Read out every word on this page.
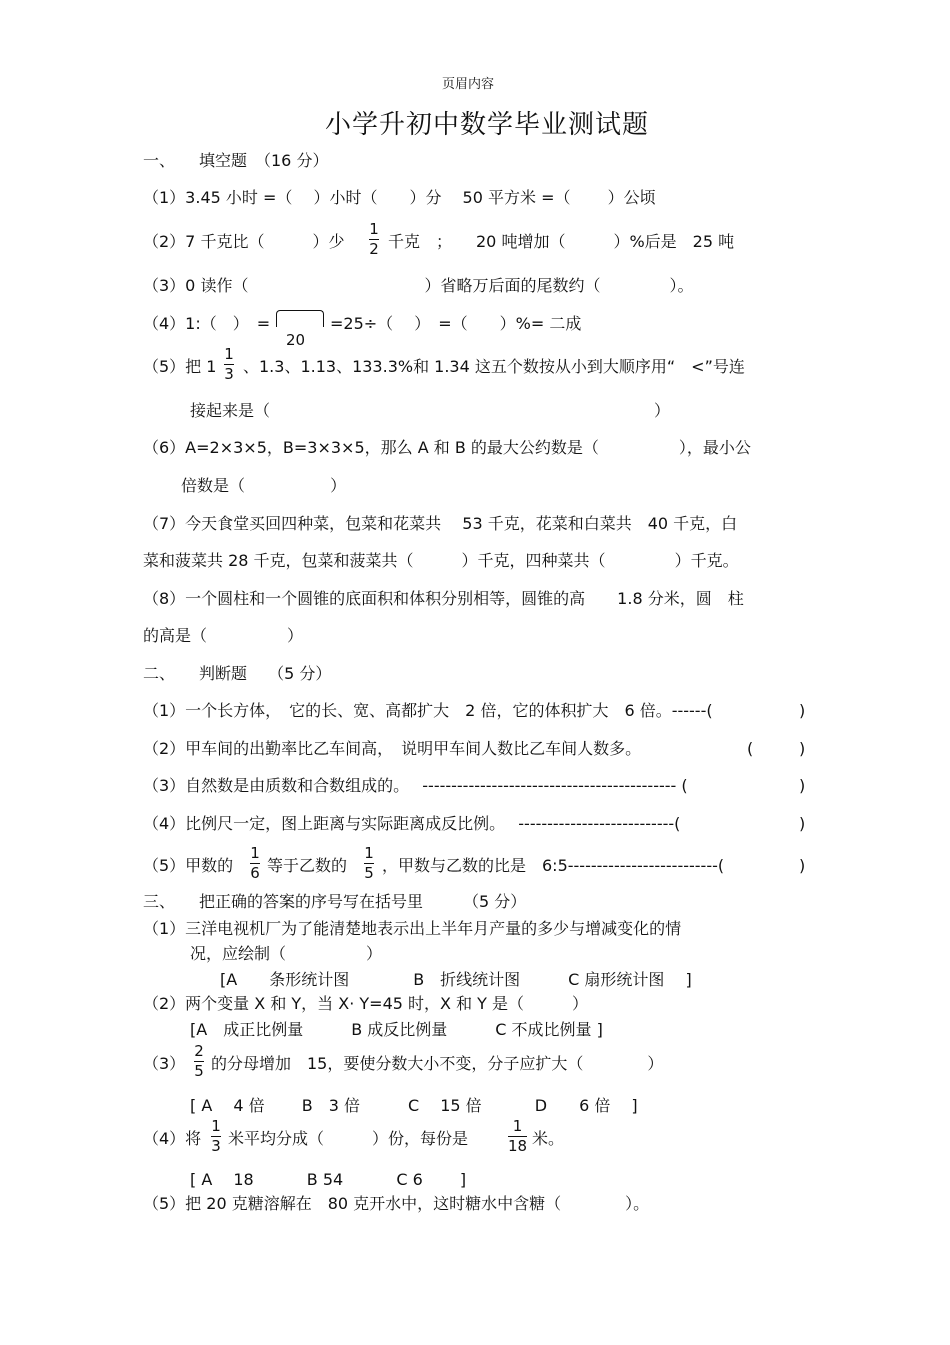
页眉内容
小学升初中数学毕业测试题
一、　　填空题　（16 分）
（1）3.45 小时 =（　 ）小时（　　）分　 50 平方米 =（　　 ）公顷
（2）7 千克比（　　　）少
1
2 千克　；　　20 吨增加（　　　）%后是　25 吨
（3）0 读作（　　　　　　　　　　　）省略万后面的尾数约（　　　　 ）。
（4）1:（　）　=
20
=25÷（　 ）　=（　　）%= 二成
（5）把 1
1
3 、1.3、1.13、133.3%和 1.34 这五个数按从小到大顺序用“　<”号连
接起来是（　　　　　　　　　　　　　　　　　　　　　　　　）
（6）A=2×3×5，B=3×3×5，那么 A 和 B 的最大公约数是（　　　　　），最小公
倍数是（　　　　　 ）
（7）今天食堂买回四种菜，包菜和花菜共　 53 千克，花菜和白菜共　40 千克，白
菜和菠菜共 28 千克，包菜和菠菜共（　　　）千克，四种菜共（　　　　 ）千克。
（8）一个圆柱和一个圆锥的底面积和体积分别相等，圆锥的高　　1.8 分米，圆　柱
的高是（　　　　　）
二、　　判断题　 （5 分）
（1）一个长方体，　它的长、宽、高都扩大　2 倍，它的体积扩大　6 倍。------(	)
（2）甲车间的出勤率比乙车间高，　说明甲车间人数比乙车间人数多。	(	)
（3）自然数是由质数和合数组成的。　 -------------------------------------------- (	)
（4）比例尺一定，图上距离与实际距离成反比例。　 ---------------------------(	)
（5）甲数的
1
6 等于乙数的
1
5 ，甲数与乙数的比是　6:5--------------------------(	)
三、　　把正确的答案的序号写在括号里　　　（5 分）
（1）三洋电视机厂为了能清楚地表示出上半年月产量的多少与增减变化的情
况，应绘制（　　　　　）
[A　　条形统计图　　　　B　折线统计图　　　C 扇形统计图　 ]
（2）两个变量 X 和 Y，当 X· Y=45 时，X 和 Y 是（　　　）
[A　成正比例量　　　B 成反比例量　　　C 不成比例量 ]
（3）
2
5 的分母增加　15，要使分数大小不变，分子应扩大（　　　　）
[ A　 4 倍　　 B　3 倍　　　C　 15 倍　　　 D　　6 倍　 ]
（4）将
1
3 米平均分成（　　　）份，每份是
1
18 米。
[ A　 18　　　 B 54　　　 C 6　　 ]
（5）把 20 克糖溶解在　80 克开水中，这时糖水中含糖（　　　　）。
